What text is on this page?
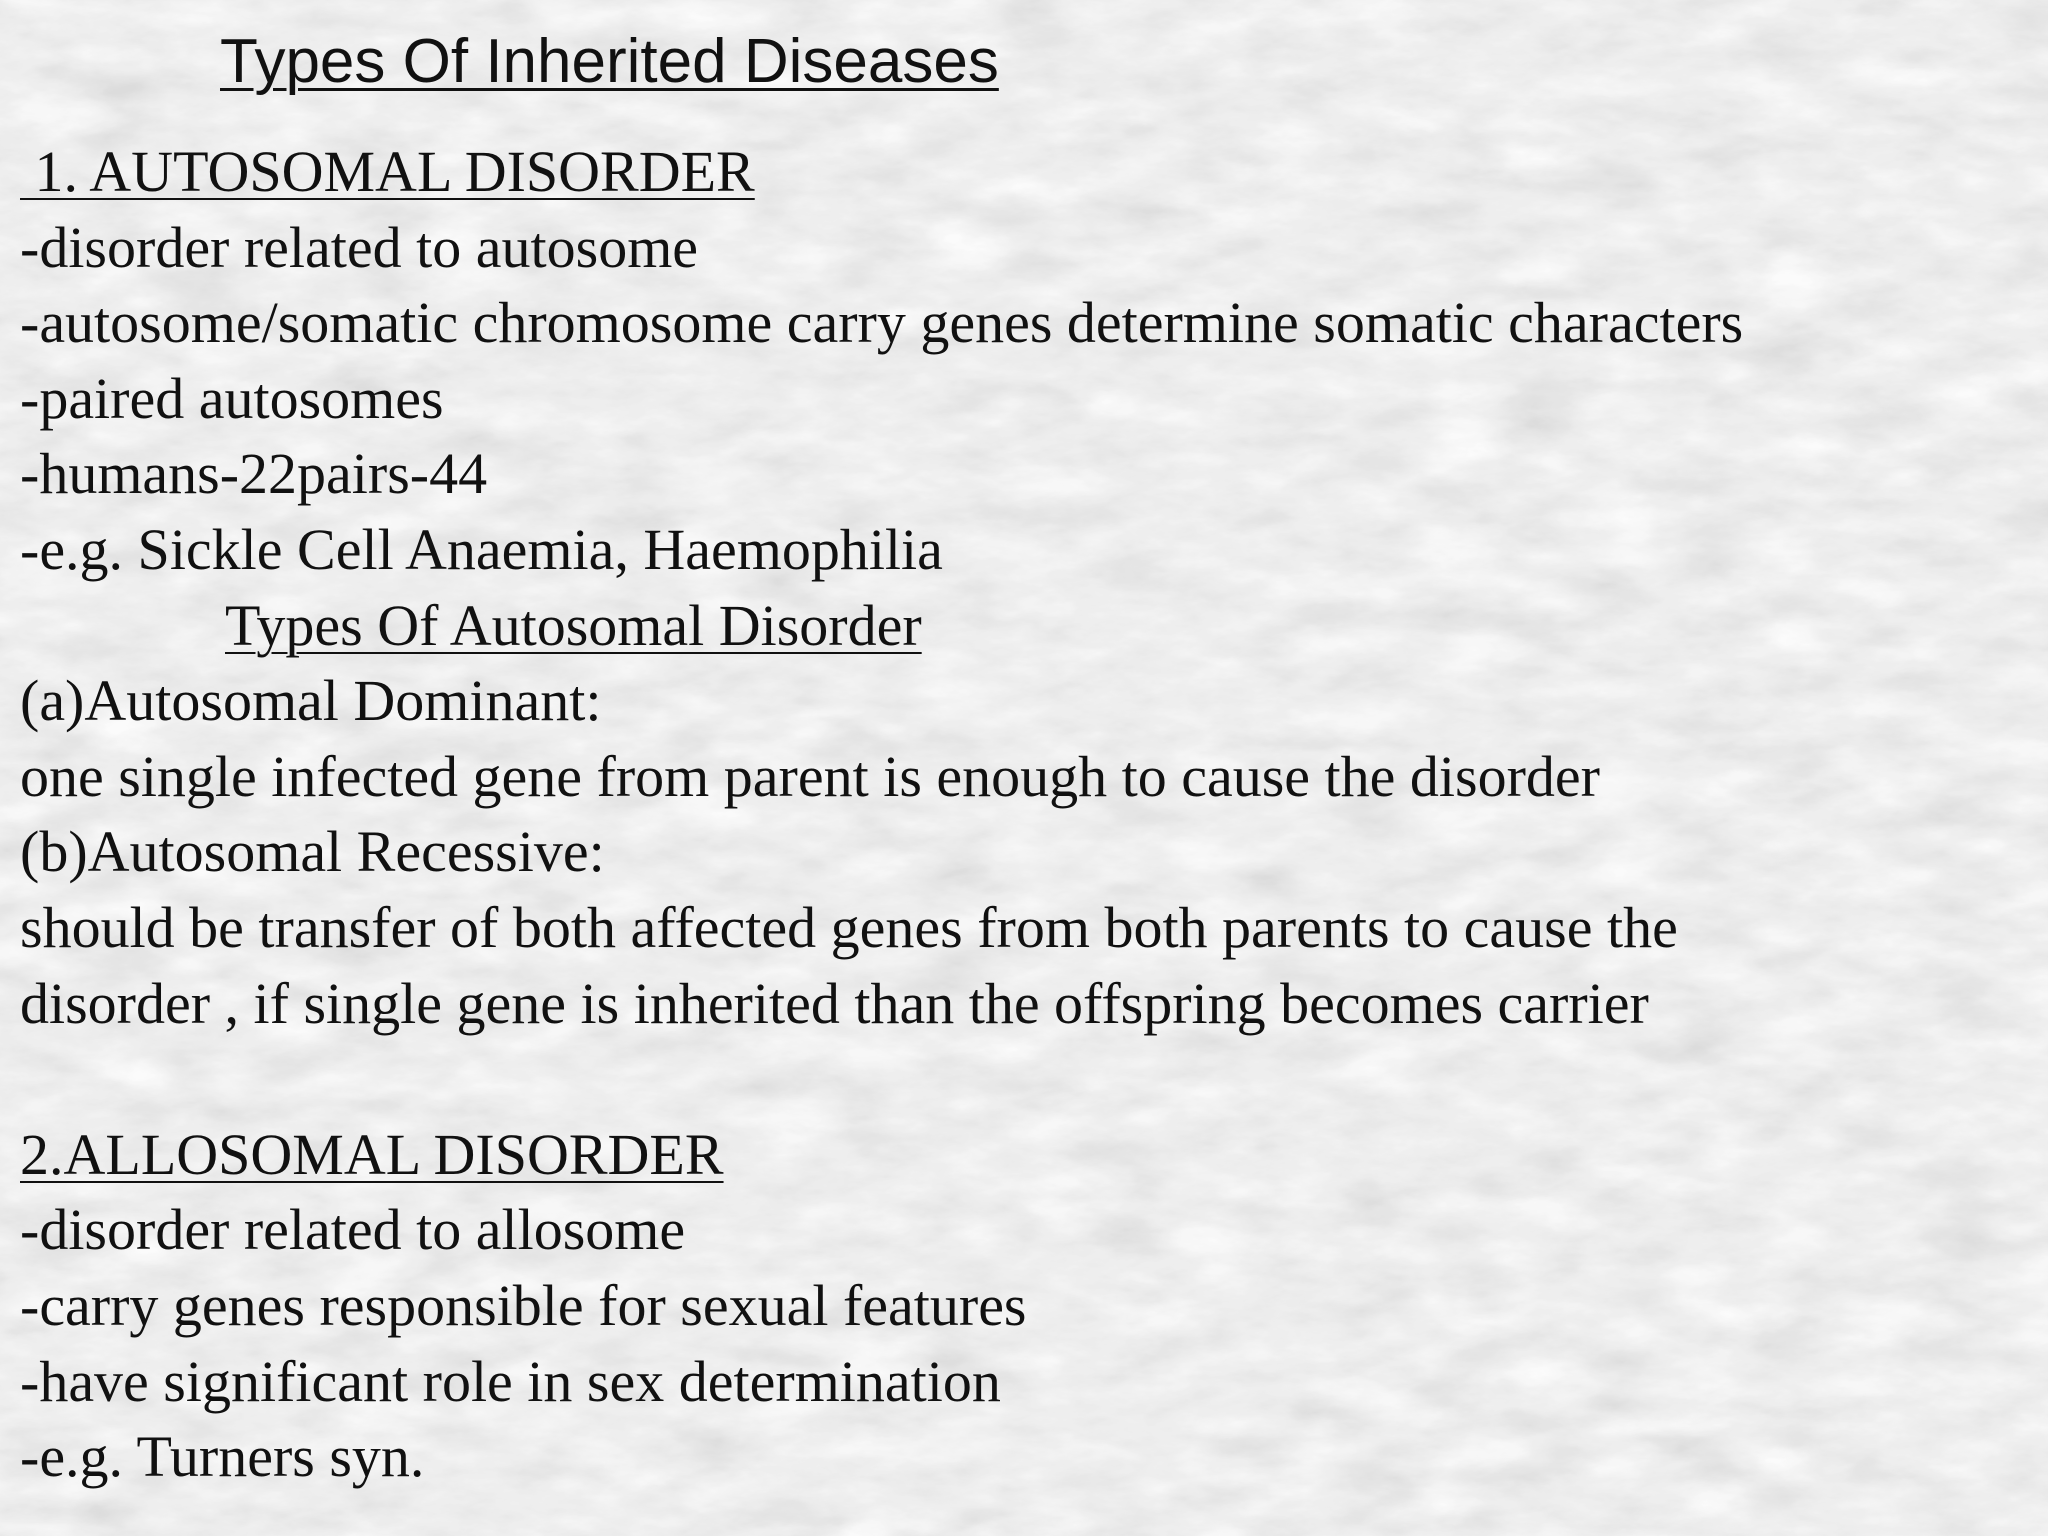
Types Of Inherited Diseases
1. AUTOSOMAL DISORDER
-disorder related to autosome
-autosome/somatic chromosome carry genes determine somatic characters
-paired autosomes
-humans-22pairs-44
-e.g. Sickle Cell Anaemia, Haemophilia
Types Of Autosomal Disorder
(a)Autosomal Dominant:
one single infected gene from parent is enough to cause the disorder
(b)Autosomal Recessive:
should be transfer of both affected genes from both parents to cause the
disorder , if single gene is inherited than the offspring becomes carrier
2.ALLOSOMAL DISORDER
-disorder related to allosome
-carry genes responsible for sexual features
-have significant role in sex determination
-e.g. Turners syn.
